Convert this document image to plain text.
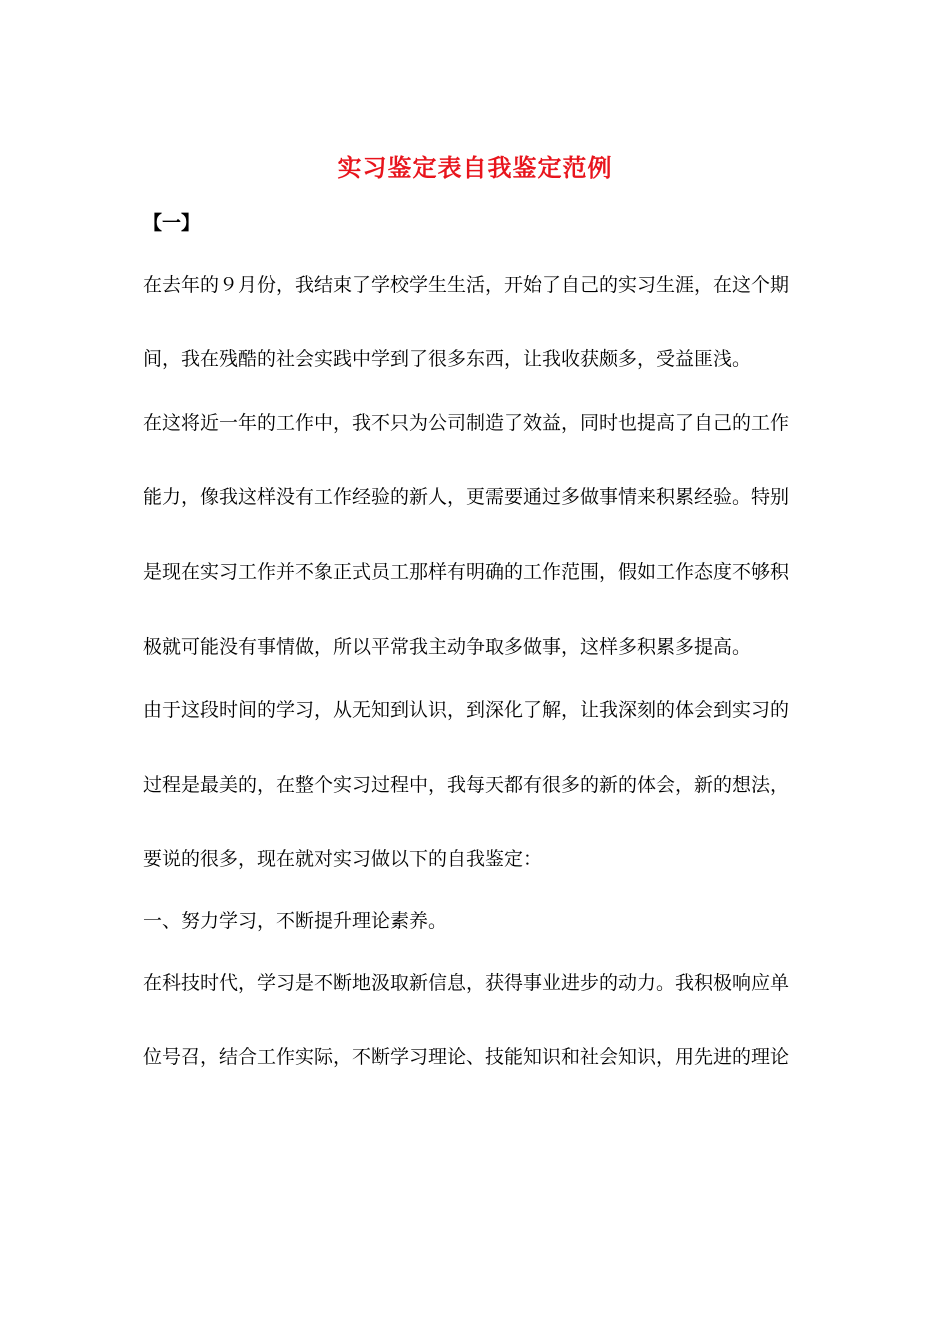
实习鉴定表自我鉴定范例
【一】
在去年的９月份，我结束了学校学生生活，开始了自己的实习生涯，在这个期
间，我在残酷的社会实践中学到了很多东西，让我收获颇多，受益匪浅。
在这将近一年的工作中，我不只为公司制造了效益，同时也提高了自己的工作
能力，像我这样没有工作经验的新人，更需要通过多做事情来积累经验。特别
是现在实习工作并不象正式员工那样有明确的工作范围，假如工作态度不够积
极就可能没有事情做，所以平常我主动争取多做事，这样多积累多提高。
由于这段时间的学习，从无知到认识，到深化了解，让我深刻的体会到实习的
过程是最美的，在整个实习过程中，我每天都有很多的新的体会，新的想法，
要说的很多，现在就对实习做以下的自我鉴定：
一、努力学习，不断提升理论素养。
在科技时代，学习是不断地汲取新信息，获得事业进步的动力。我积极响应单
位号召，结合工作实际，不断学习理论、技能知识和社会知识，用先进的理论
